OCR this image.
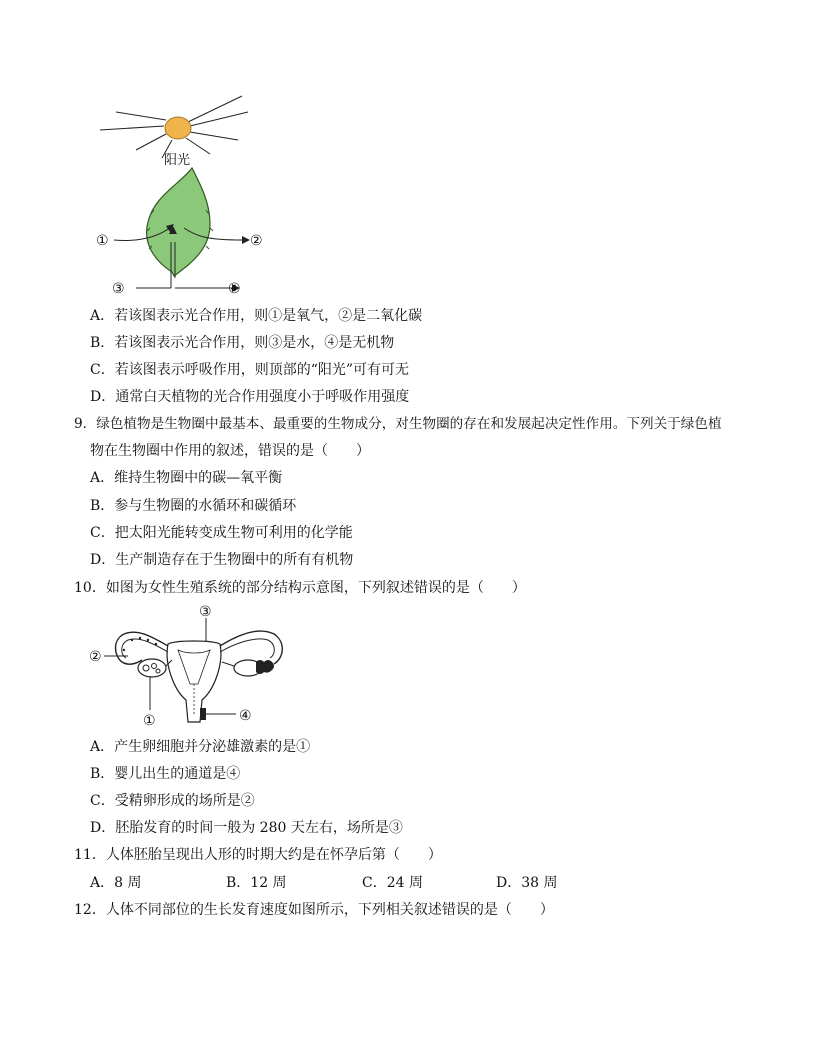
阳光
①	②
③	④
A．若该图表示光合作用，则①是氧气，②是二氧化碳
B．若该图表示光合作用，则③是水，④是无机物
C．若该图表示呼吸作用，则顶部的“阳光”可有可无
D．通常白天植物的光合作用强度小于呼吸作用强度
9．绿色植物是生物圈中最基本、最重要的生物成分，对生物圈的存在和发展起决定性作用。下列关于绿色植
物在生物圈中作用的叙述，错误的是（　　）
A．维持生物圈中的碳—氧平衡
B．参与生物圈的水循环和碳循环
C．把太阳光能转变成生物可利用的化学能
D．生产制造存在于生物圈中的所有有机物
10．如图为女性生殖系统的部分结构示意图，下列叙述错误的是（　　）
③
②
①	④
A．产生卵细胞并分泌雄激素的是①
B．婴儿出生的通道是④
C．受精卵形成的场所是②
D．胚胎发育的时间一般为 280 天左右，场所是③
11．人体胚胎呈现出人形的时期大约是在怀孕后第（　　）
A．8 周	B．12 周	C．24 周	D．38 周
12．人体不同部位的生长发育速度如图所示，下列相关叙述错误的是（　　）
